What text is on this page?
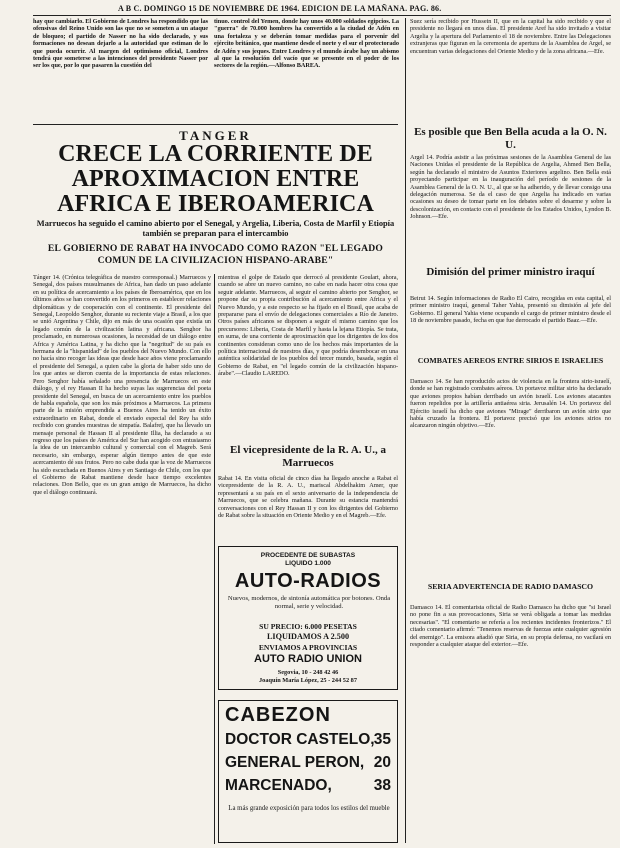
A B C. DOMINGO 15 DE NOVIEMBRE DE 1964. EDICION DE LA MAÑANA. PAG. 86.
hay que cambiarlo. El Gobierno de Londres ha respondido que las ofensivas del Reino Unido son las que no se someten a un ataque de bloqueo; el partido de Nasser no ha sido declarado, y sus formaciones no desean dejarlo a la autoridad que estiman de lo que pueda ocurrir. Al margen del optimismo oficial, Londres tendrá que someterse a las intenciones del presidente Nasser por ser los que, por lo que pasaren la cuestión del
tinuo. control del Yemen, donde hay unos 40.000 soldados egipcios. La "guerra" de 70.000 hombres ha convertido a la ciudad de Adén en una fortaleza y se deberán tomar medidas para el porvenir del ejército británico, que mantiene desde el norte y el sur el protectorado de Adén y sus jeques. Entre Londres y el mundo árabe hay un abismo al que la resolución del vacío que se presente en el poder de los sectores de la región.—Alfonso BAREA.
TANGER
CRECE LA CORRIENTE DE APROXIMACION ENTRE AFRICA E IBEROAMERICA
Marruecos ha seguido el camino abierto por el Senegal, y Argelia, Liberia, Costa de Marfil y Etiopía también se preparan para el intercambio
EL GOBIERNO DE RABAT HA INVOCADO COMO RAZON "EL LEGADO COMUN DE LA CIVILIZACION HISPANO-ARABE"
Tánger 14. (Crónica telegráfica de nuestro corresponsal.) Marruecos y Senegal, dos países musulmanes de Africa, han dado un paso adelante en su política de acercamiento a los países de Iberoamérica, que en los últimos años se han convertido en los primeros en establecer relaciones diplomáticas y de cooperación con el continente. El presidente del Senegal, Leopoldo Senghor, durante su reciente viaje a Brasil, a los que se unió Argentina y Chile, dijo en más de una ocasión que existía un legado común de la civilización latina y africana. Senghor ha proclamado, en numerosas ocasiones, la necesidad de un diálogo entre Africa y América Latina, y ha dicho que la "negritud" de su país es hermana de la "hispanidad" de los pueblos del Nuevo Mundo. Con ello no hacía sino recoger las ideas que desde hace años viene proclamando el presidente del Senegal, a quien cabe la gloria de haber sido uno de los que antes se dieron cuenta de la importancia de estas relaciones. Pero Senghor había señalado una presencia de Marruecos en este diálogo, y el rey Hassan II ha hecho suyas las sugerencias del poeta presidente del Senegal, en busca de un acercamiento entre los pueblos de habla española, que son los más próximos a Marruecos. La primera parte de la misión emprendida a Buenos Aires ha tenido un éxito extraordinario en Rabat, donde el enviado especial del Rey ha sido recibido con grandes muestras de simpatía. Balafrej, que ha llevado un mensaje personal de Hassan II al presidente Illia, ha declarado a su regreso que los países de América del Sur han acogido con entusiasmo la idea de un intercambio cultural y comercial con el Magreb. Será necesario, sin embargo, esperar algún tiempo antes de que este acercamiento dé sus frutos. Pero no cabe duda que la voz de Marruecos ha sido escuchada en Buenos Aires y en Santiago de Chile, con los que el Gobierno de Rabat mantiene desde hace tiempo excelentes relaciones. Don Bello, que es un gran amigo de Marruecos, ha dicho que el diálogo continuará.
mientras el golpe de Estado que derrocó al presidente Goulart, ahora, cuando se abre un nuevo camino, no cabe en nada hacer otra cosa que seguir adelante. Marruecos, al seguir el camino abierto por Senghor, se propone dar su propia contribución al acercamiento entre Africa y el Nuevo Mundo, y a este respecto se ha fijado en el Brasil, que acaba de prepararse para el envío de delegaciones comerciales a Río de Janeiro. Otros países africanos se disponen a seguir el mismo camino que los precursores: Liberia, Costa de Marfil y hasta la lejana Etiopía. Se trata, en suma, de una corriente de aproximación que los dirigentes de los dos continentes consideran como uno de los hechos más importantes de la política internacional de nuestros días, y que podría desembocar en una auténtica solidaridad de los pueblos del tercer mundo, basada, según el Gobierno de Rabat, en "el legado común de la civilización hispano-árabe".—Claudio LAREDO.
El vicepresidente de la R. A. U., a Marruecos
Rabat 14. En visita oficial de cinco días ha llegado anoche a Rabat el vicepresidente de la R. A. U., mariscal Abdelhakim Amer, que representará a su país en el sexto aniversario de la independencia de Marruecos, que se celebra mañana. Durante su estancia mantendrá conversaciones con el Rey Hassan II y con los dirigentes del Gobierno de Rabat sobre la situación en Oriente Medio y en el Magreb.—Efe.
PROCEDENTE DE SUBASTAS
LIQUIDO 1.000
AUTO-RADIOS
Nuevos, modernos, de sintonía automática por botones. Onda normal, serie y velocidad.
SU PRECIO: 6.000 PESETAS
LIQUIDAMOS A 2.500
ENVIAMOS A PROVINCIAS
AUTO RADIO UNION
Segovia, 10 - 248 42 46
Joaquín María López, 25 - 244 52 87
CABEZON
DOCTOR CASTELO, 35
GENERAL PERON, 20
MARCENADO,	38
La más grande exposición para todos los estilos del mueble
Suez sería recibido por Hussein II, que en la capital ha sido recibido y que el presidente no llegará en unos días. El presidente Aref ha sido invitado a visitar Argelia y la apertura del Parlamento el 18 de noviembre. Entre las Delegaciones extranjeras que figuran en la ceremonia de apertura de la Asamblea de Argel, se encuentran varias delegaciones del Oriente Medio y de la zona africana.—Efe.
Es posible que Ben Bella acuda a la O. N. U.
Argel 14. Podría asistir a las próximas sesiones de la Asamblea General de las Naciones Unidas el presidente de la República de Argelia, Ahmed Ben Bella, según ha declarado el ministro de Asuntos Exteriores argelino. Ben Bella está proyectando participar en la inauguración del período de sesiones de la Asamblea General de la O. N. U., al que se ha adherido, y de llevar consigo una delegación numerosa. Se da el caso de que Argelia ha indicado en varias ocasiones su deseo de tomar parte en los debates sobre el desarme y sobre la descolonización, en contacto con el presidente de los Estados Unidos, Lyndon B. Johnson.—Efe.
Dimisión del primer ministro iraquí
Beirut 14. Según informaciones de Radio El Cairo, recogidas en esta capital, el primer ministro iraquí, general Taher Yahia, presentó su dimisión al jefe del Gobierno. El general Yahia viene ocupando el cargo de primer ministro desde el 18 de noviembre pasado, fecha en que fue derrocado el partido Baaz.—Efe.
COMBATES AEREOS ENTRE SIRIOS E ISRAELIES
Damasco 14. Se han reproducido actos de violencia en la frontera sirio-israelí, donde se han registrado combates aéreos. Un portavoz militar sirio ha declarado que aviones propios habían derribado un avión israelí. Los aviones atacantes fueron repelidos por la artillería antiaérea siria. Jerusalén 14. Un portavoz del Ejército israelí ha dicho que aviones "Mirage" derribaron un avión sirio que había cruzado la frontera. El portavoz precisó que los aviones sirios no alcanzaron ningún objetivo.—Efe.
SERIA ADVERTENCIA DE RADIO DAMASCO
Damasco 14. El comentarista oficial de Radio Damasco ha dicho que "si Israel no pone fin a sus provocaciones, Siria se verá obligada a tomar las medidas necesarias". "El comentario se refería a los recientes incidentes fronterizos." El citado comentario afirmó: "Tenemos reservas de fuerzas ante cualquier agresión del enemigo". La emisora añadió que Siria, en su propia defensa, no vacilará en responder a cualquier ataque del exterior.—Efe.
